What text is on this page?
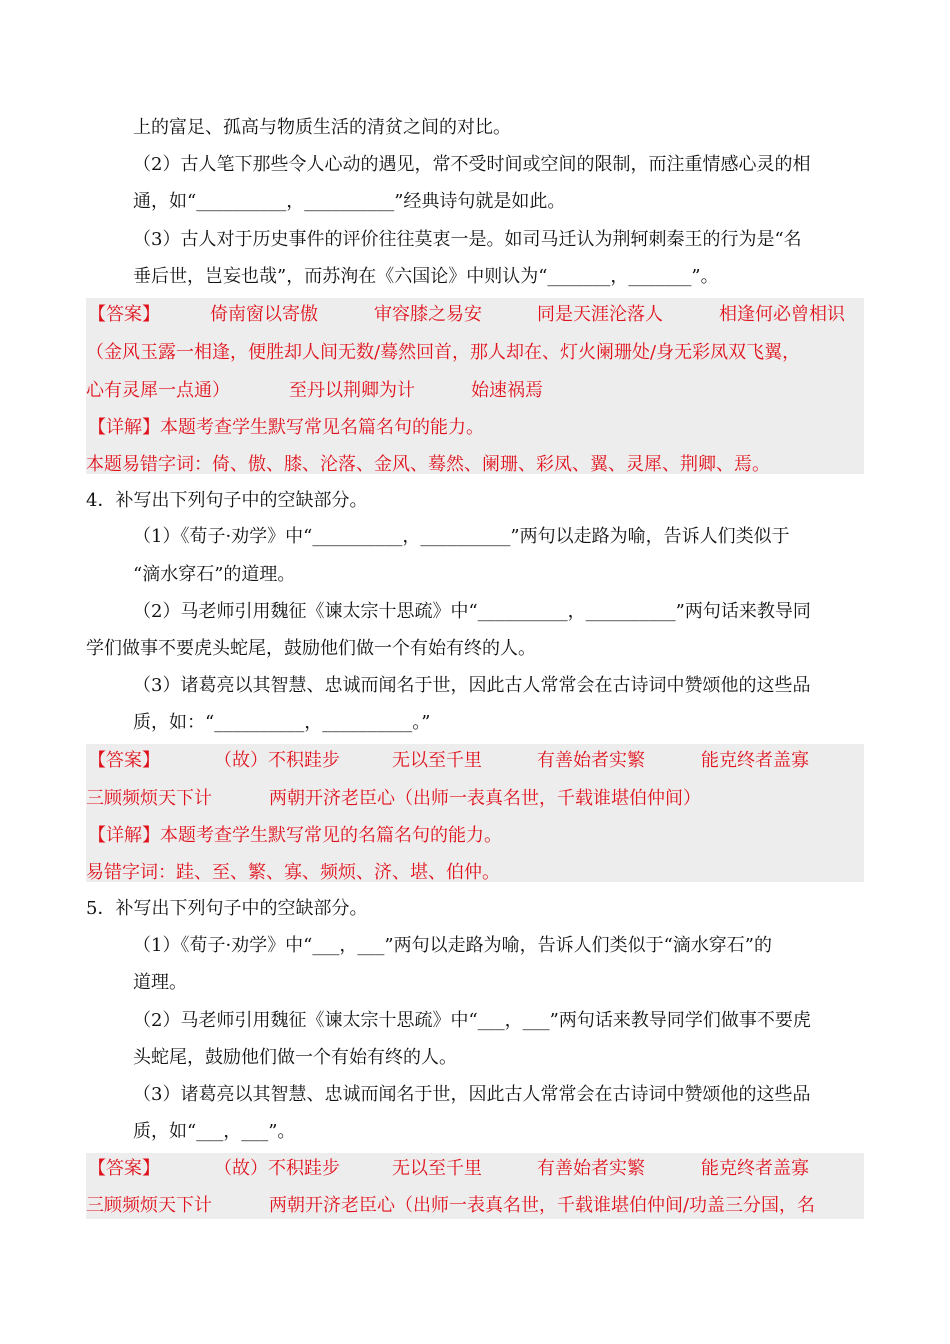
上的富足、孤高与物质生活的清贫之间的对比。
（2）古人笔下那些令人心动的遇见，常不受时间或空间的限制，而注重情感心灵的相
通，如“__________，__________”经典诗句就是如此。
（3）古人对于历史事件的评价往往莫衷一是。如司马迁认为荆轲刺秦王的行为是“名
垂后世，岂妄也哉”，而苏洵在《六国论》中则认为“_______，_______”。
【答案】	倚南窗以寄傲	审容膝之易安	同是天涯沦落人	相逢何必曾相识
（金风玉露一相逢，便胜却人间无数/蓦然回首，那人却在、灯火阑珊处/身无彩凤双飞翼，
心有灵犀一点通）	至丹以荆卿为计	始速祸焉
【详解】本题考查学生默写常见名篇名句的能力。
本题易错字词：倚、傲、膝、沦落、金风、蓦然、阑珊、彩凤、翼、灵犀、荆卿、焉。
4．补写出下列句子中的空缺部分。
（1）《荀子·劝学》中“__________，__________”两句以走路为喻，告诉人们类似于
“滴水穿石”的道理。
（2）马老师引用魏征《谏太宗十思疏》中“__________，__________”两句话来教导同
学们做事不要虎头蛇尾，鼓励他们做一个有始有终的人。
（3）诸葛亮以其智慧、忠诚而闻名于世，因此古人常常会在古诗词中赞颂他的这些品
质，如：“__________，__________。”
【答案】	（故）不积跬步	无以至千里	有善始者实繁	能克终者盖寡
三顾频烦天下计	两朝开济老臣心（出师一表真名世，千载谁堪伯仲间）
【详解】本题考查学生默写常见的名篇名句的能力。
易错字词：跬、至、繁、寡、频烦、济、堪、伯仲。
5．补写出下列句子中的空缺部分。
（1）《荀子·劝学》中“___，___”两句以走路为喻，告诉人们类似于“滴水穿石”的
道理。
（2）马老师引用魏征《谏太宗十思疏》中“___，___”两句话来教导同学们做事不要虎
头蛇尾，鼓励他们做一个有始有终的人。
（3）诸葛亮以其智慧、忠诚而闻名于世，因此古人常常会在古诗词中赞颂他的这些品
质，如“___，___”。
【答案】	（故）不积跬步	无以至千里	有善始者实繁	能克终者盖寡
三顾频烦天下计	两朝开济老臣心（出师一表真名世，千载谁堪伯仲间/功盖三分国，名
